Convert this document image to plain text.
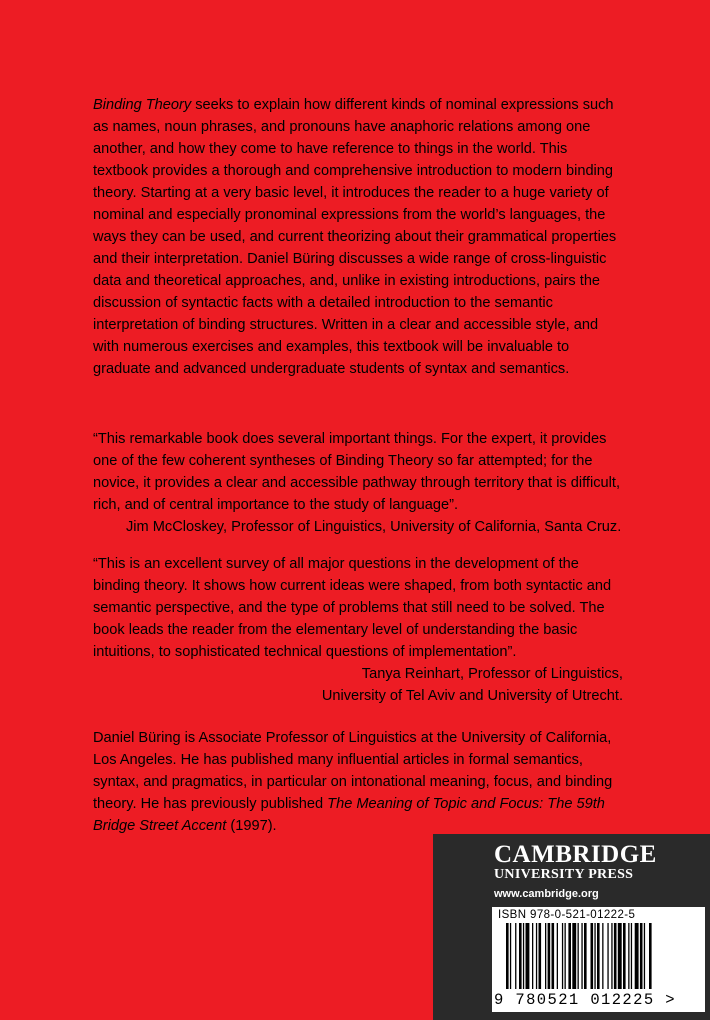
Binding Theory seeks to explain how different kinds of nominal expressions such as names, noun phrases, and pronouns have anaphoric relations among one another, and how they come to have reference to things in the world. This textbook provides a thorough and comprehensive introduction to modern binding theory. Starting at a very basic level, it introduces the reader to a huge variety of nominal and especially pronominal expressions from the world’s languages, the ways they can be used, and current theorizing about their grammatical properties and their interpretation. Daniel Büring discusses a wide range of cross-linguistic data and theoretical approaches, and, unlike in existing introductions, pairs the discussion of syntactic facts with a detailed introduction to the semantic interpretation of binding structures. Written in a clear and accessible style, and with numerous exercises and examples, this textbook will be invaluable to graduate and advanced undergraduate students of syntax and semantics.

“This remarkable book does several important things. For the expert, it provides one of the few coherent syntheses of Binding Theory so far attempted; for the novice, it provides a clear and accessible pathway through territory that is difficult, rich, and of central importance to the study of language”.

Jim McCloskey, Professor of Linguistics, University of California, Santa Cruz.

“This is an excellent survey of all major questions in the development of the binding theory. It shows how current ideas were shaped, from both syntactic and semantic perspective, and the type of problems that still need to be solved. The book leads the reader from the elementary level of understanding the basic intuitions, to sophisticated technical questions of implementation”.

Tanya Reinhart, Professor of Linguistics,

University of Tel Aviv and University of Utrecht.

Daniel Büring is Associate Professor of Linguistics at the University of California, Los Angeles. He has published many influential articles in formal semantics, syntax, and pragmatics, in particular on intonational meaning, focus, and binding theory. He has previously published The Meaning of Topic and Focus: The 59th Bridge Street Accent (1997).

CAMBRIDGE
UNIVERSITY PRESS
www.cambridge.org
ISBN 978-0-521-01222-5
9 780521 012225 >
